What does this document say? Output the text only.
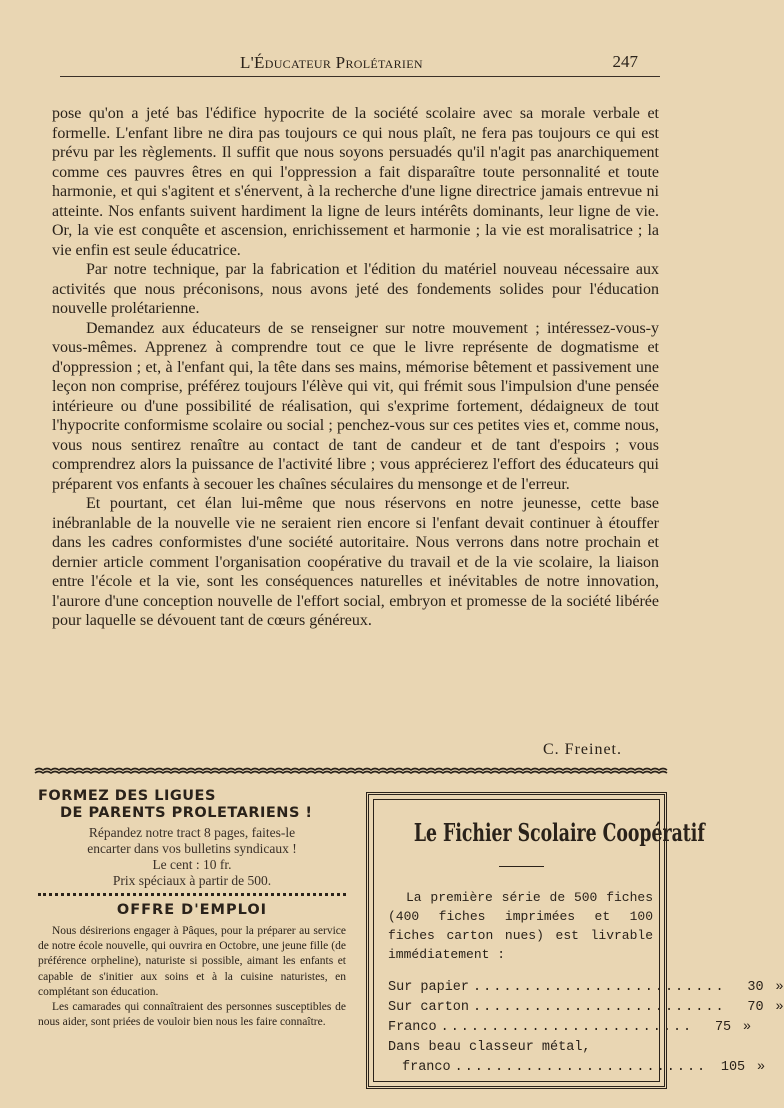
L'Éducateur Prolétarien	247

pose qu'on a jeté bas l'édifice hypocrite de la société scolaire avec sa morale verbale et formelle. L'enfant libre ne dira pas toujours ce qui nous plaît, ne fera pas toujours ce qui est prévu par les règlements. Il suffit que nous soyons persuadés qu'il n'agit pas anarchiquement comme ces pauvres êtres en qui l'oppression a fait disparaître toute personnalité et toute harmonie, et qui s'agitent et s'énervent, à la recherche d'une ligne directrice jamais entrevue ni atteinte. Nos enfants suivent hardiment la ligne de leurs intérêts dominants, leur ligne de vie. Or, la vie est conquête et ascension, enrichissement et harmonie ; la vie est moralisatrice ; la vie enfin est seule éducatrice.

Par notre technique, par la fabrication et l'édition du matériel nouveau nécessaire aux activités que nous préconisons, nous avons jeté des fondements solides pour l'éducation nouvelle prolétarienne.

Demandez aux éducateurs de se renseigner sur notre mouvement ; intéressez-vous-y vous-mêmes. Apprenez à comprendre tout ce que le livre représente de dogmatisme et d'oppression ; et, à l'enfant qui, la tête dans ses mains, mémorise bêtement et passivement une leçon non comprise, préférez toujours l'élève qui vit, qui frémit sous l'impulsion d'une pensée intérieure ou d'une possibilité de réalisation, qui s'exprime fortement, dédaigneux de tout l'hypocrite conformisme scolaire ou social ; penchez-vous sur ces petites vies et, comme nous, vous nous sentirez renaître au contact de tant de candeur et de tant d'espoirs ; vous comprendrez alors la puissance de l'activité libre ; vous apprécierez l'effort des éducateurs qui préparent vos enfants à secouer les chaînes séculaires du mensonge et de l'erreur.

Et pourtant, cet élan lui-même que nous réservons en notre jeunesse, cette base inébranlable de la nouvelle vie ne seraient rien encore si l'enfant devait continuer à étouffer dans les cadres conformistes d'une société autoritaire. Nous verrons dans notre prochain et dernier article comment l'organisation coopérative du travail et de la vie scolaire, la liaison entre l'école et la vie, sont les conséquences naturelles et inévitables de notre innovation, l'aurore d'une conception nouvelle de l'effort social, embryon et promesse de la société libérée pour laquelle se dévouent tant de cœurs généreux.

C. Freinet.
FORMEZ DES LIGUES
DE PARENTS PROLETARIENS !
Répandez notre tract 8 pages, faites-le
encarter dans vos bulletins syndicaux !
Le cent : 10 fr.
Prix spéciaux à partir de 500.
OFFRE D'EMPLOI

Nous désirerions engager à Pâques, pour la préparer au service de notre école nouvelle, qui ouvrira en Octobre, une jeune fille (de préférence orpheline), naturiste si possible, aimant les enfants et capable de s'initier aux soins et à la cuisine naturistes, en complétant son éducation.

Les camarades qui connaîtraient des personnes susceptibles de nous aider, sont priées de vouloir bien nous les faire connaître.

Le Fichier Scolaire Coopératif
La première série de 500 fiches (400 fiches imprimées et 100 fiches carton nues) est livrable immédiatement :
Sur papier .........................	30 »
Sur carton .........................	70 »
Franco .........................	75 »
Dans beau classeur métal,
franco .........................	105 »
